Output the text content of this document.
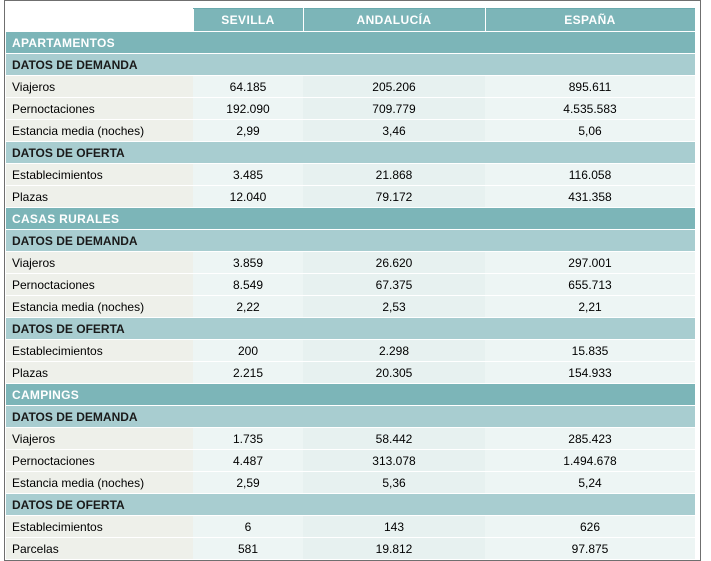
	SEVILLA	ANDALUCÍA	ESPAÑA	
APARTAMENTOS				
DATOS DE DEMANDA				
Viajeros	64.185	205.206	895.611	
Pernoctaciones	192.090	709.779	4.535.583	
Estancia media (noches)	2,99	3,46	5,06	
DATOS DE OFERTA				
Establecimientos	3.485	21.868	116.058	
Plazas	12.040	79.172	431.358	
CASAS RURALES				
DATOS DE DEMANDA				
Viajeros	3.859	26.620	297.001	
Pernoctaciones	8.549	67.375	655.713	
Estancia media (noches)	2,22	2,53	2,21	
DATOS DE OFERTA				
Establecimientos	200	2.298	15.835	
Plazas	2.215	20.305	154.933	
CAMPINGS				
DATOS DE DEMANDA				
Viajeros	1.735	58.442	285.423	
Pernoctaciones	4.487	313.078	1.494.678	
Estancia media (noches)	2,59	5,36	5,24	
DATOS DE OFERTA				
Establecimientos	6	143	626	
Parcelas	581	19.812	97.875	
